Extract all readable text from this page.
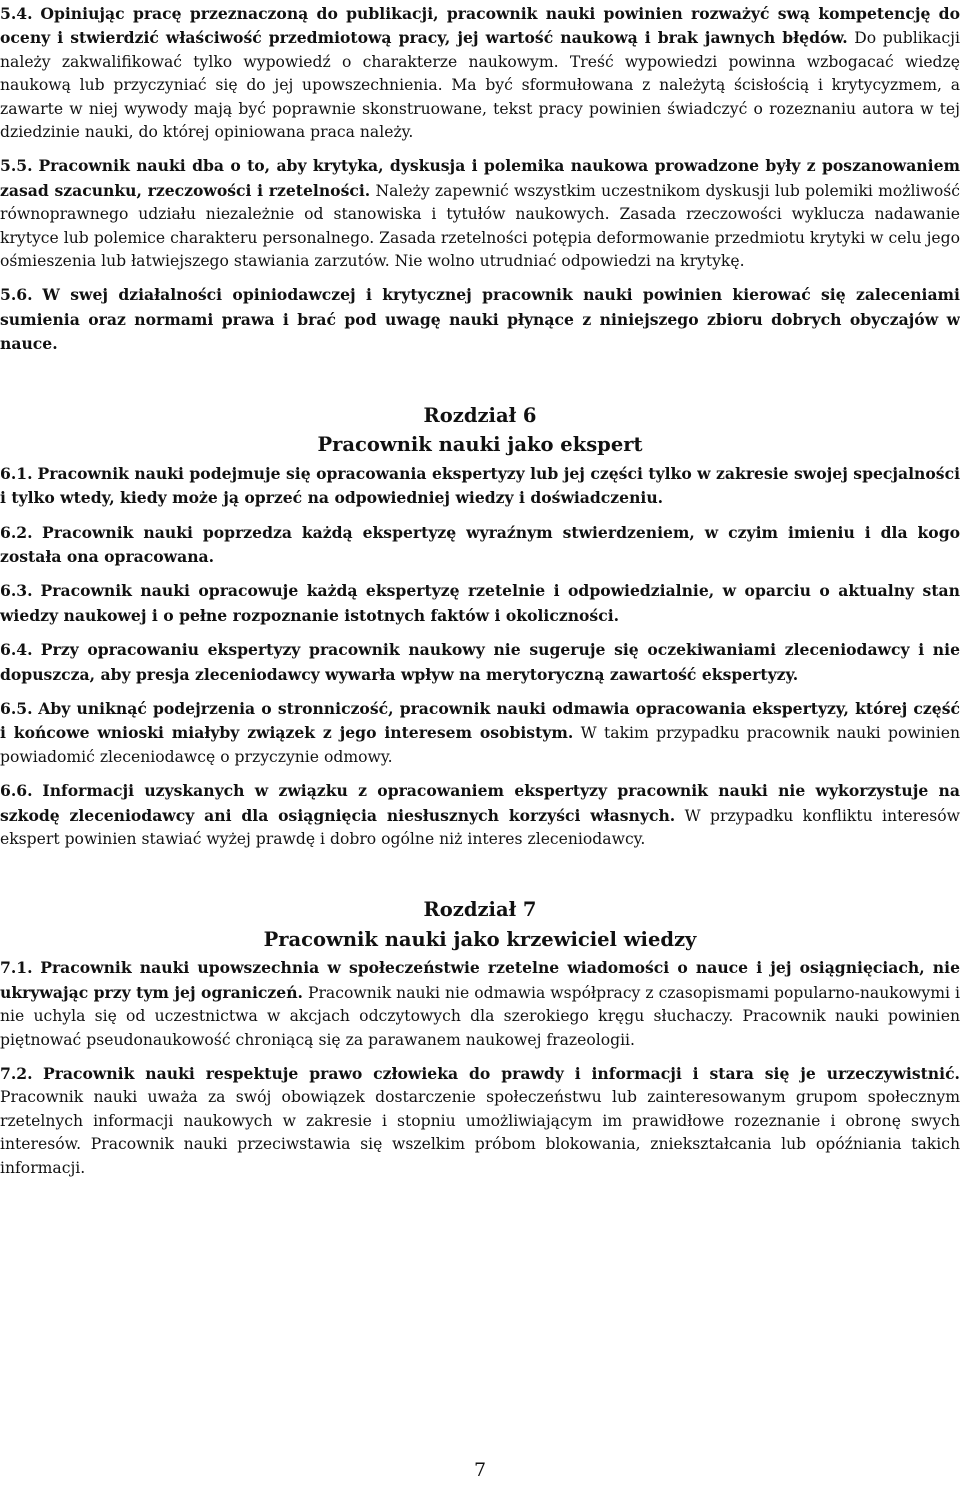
5.4. Opiniując pracę przeznaczoną do publikacji, pracownik nauki powinien rozważyć swą kompetencję do oceny i stwierdzić właściwość przedmiotową pracy, jej wartość naukową i brak jawnych błędów. Do publikacji należy zakwalifikować tylko wypowiedź o charakterze naukowym. Treść wypowiedzi powinna wzbogacać wiedzę naukową lub przyczyniać się do jej upowszechnienia. Ma być sformułowana z należytą ścisłością i krytycyzmem, a zawarte w niej wywody mają być poprawnie skonstruowane, tekst pracy powinien świadczyć o rozeznaniu autora w tej dziedzinie nauki, do której opiniowana praca należy.

5.5. Pracownik nauki dba o to, aby krytyka, dyskusja i polemika naukowa prowadzone były z poszanowaniem zasad szacunku, rzeczowości i rzetelności. Należy zapewnić wszystkim uczestnikom dyskusji lub polemiki możliwość równoprawnego udziału niezależnie od stanowiska i tytułów naukowych. Zasada rzeczowości wyklucza nadawanie krytyce lub polemice charakteru personalnego. Zasada rzetelności potępia deformowanie przedmiotu krytyki w celu jego ośmieszenia lub łatwiejszego stawiania zarzutów. Nie wolno utrudniać odpowiedzi na krytykę.

5.6. W swej działalności opiniodawczej i krytycznej pracownik nauki powinien kierować się zaleceniami sumienia oraz normami prawa i brać pod uwagę nauki płynące z niniejszego zbioru dobrych obyczajów w nauce.

Rozdział 6
Pracownik nauki jako ekspert

6.1. Pracownik nauki podejmuje się opracowania ekspertyzy lub jej części tylko w zakresie swojej specjalności i tylko wtedy, kiedy może ją oprzeć na odpowiedniej wiedzy i doświadczeniu.

6.2. Pracownik nauki poprzedza każdą ekspertyzę wyraźnym stwierdzeniem, w czyim imieniu i dla kogo została ona opracowana.

6.3. Pracownik nauki opracowuje każdą ekspertyzę rzetelnie i odpowiedzialnie, w oparciu o aktualny stan wiedzy naukowej i o pełne rozpoznanie istotnych faktów i okoliczności.

6.4. Przy opracowaniu ekspertyzy pracownik naukowy nie sugeruje się oczekiwaniami zleceniodawcy i nie dopuszcza, aby presja zleceniodawcy wywarła wpływ na merytoryczną zawartość ekspertyzy.

6.5. Aby uniknąć podejrzenia o stronniczość, pracownik nauki odmawia opracowania ekspertyzy, której część i końcowe wnioski miałyby związek z jego interesem osobistym. W takim przypadku pracownik nauki powinien powiadomić zleceniodawcę o przyczynie odmowy.

6.6. Informacji uzyskanych w związku z opracowaniem ekspertyzy pracownik nauki nie wykorzystuje na szkodę zleceniodawcy ani dla osiągnięcia niesłusznych korzyści własnych. W przypadku konfliktu interesów ekspert powinien stawiać wyżej prawdę i dobro ogólne niż interes zleceniodawcy.

Rozdział 7
Pracownik nauki jako krzewiciel wiedzy

7.1. Pracownik nauki upowszechnia w społeczeństwie rzetelne wiadomości o nauce i jej osiągnięciach, nie ukrywając przy tym jej ograniczeń. Pracownik nauki nie odmawia współpracy z czasopismami popularno-naukowymi i nie uchyla się od uczestnictwa w akcjach odczytowych dla szerokiego kręgu słuchaczy. Pracownik nauki powinien piętnować pseudonaukowość chroniącą się za parawanem naukowej frazeologii.

7.2. Pracownik nauki respektuje prawo człowieka do prawdy i informacji i stara się je urzeczywistnić. Pracownik nauki uważa za swój obowiązek dostarczenie społeczeństwu lub zainteresowanym grupom społecznym rzetelnych informacji naukowych w zakresie i stopniu umożliwiającym im prawidłowe rozeznanie i obronę swych interesów. Pracownik nauki przeciwstawia się wszelkim próbom blokowania, zniekształcania lub opóźniania takich informacji.

7
